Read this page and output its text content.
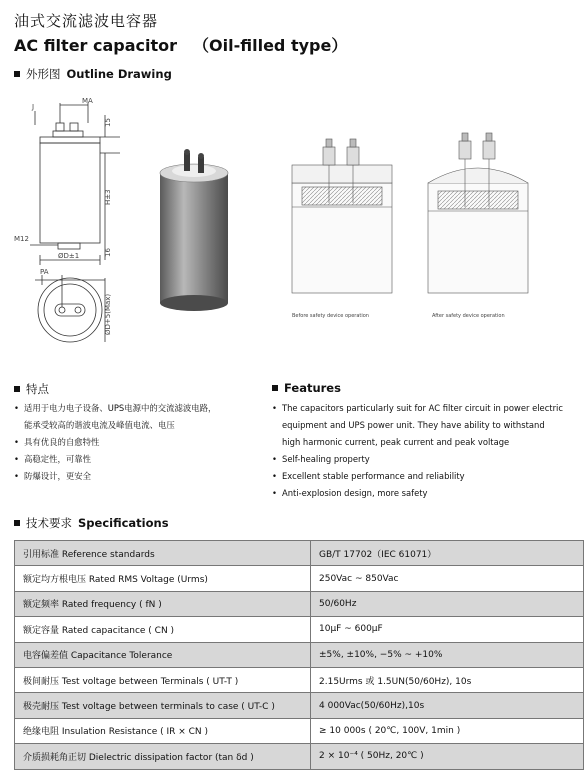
油式交流滤波电容器
AC filter capacitor （Oil-filled type）
外形图 Outline Drawing
J
MA
15
H±3
M12
16
ØD±1
PA
ØD+5(Max)	Before safety device operation	After safety device operation
特点
• 适用于电力电子设备、UPS电源中的交流滤波电路，
能承受较高的谐波电流及峰值电流、电压
• 具有优良的自愈特性
• 高稳定性，可靠性
• 防爆设计，更安全
Features
• The capacitors particularly suit for AC filter circuit in power electric
equipment and UPS power unit. They have ability to withstand
high harmonic current, peak current and peak voltage
• Self-healing property
• Excellent stable performance and reliability
• Anti-explosion design, more safety
技术要求 Specifications
引用标准 Reference standards	GB/T 17702（IEC 61071）
额定均方根电压 Rated RMS Voltage (Urms)	250Vac ~ 850Vac
额定频率 Rated frequency ( fN )	50/60Hz
额定容量 Rated capacitance ( CN )	10μF ~ 600μF
电容偏差值 Capacitance Tolerance	±5%, ±10%, −5% ~ +10%
极间耐压 Test voltage between Terminals ( UT-T )	2.15Urms 或 1.5UN(50/60Hz), 10s
极壳耐压 Test voltage between terminals to case ( UT-C )	4 000Vac(50/60Hz),10s
绝缘电阻 Insulation Resistance ( IR × CN )	≥ 10 000s ( 20℃, 100V, 1min )
介质损耗角正切 Dielectric dissipation factor (tan δd )	2 × 10⁻⁴ ( 50Hz, 20℃ )
